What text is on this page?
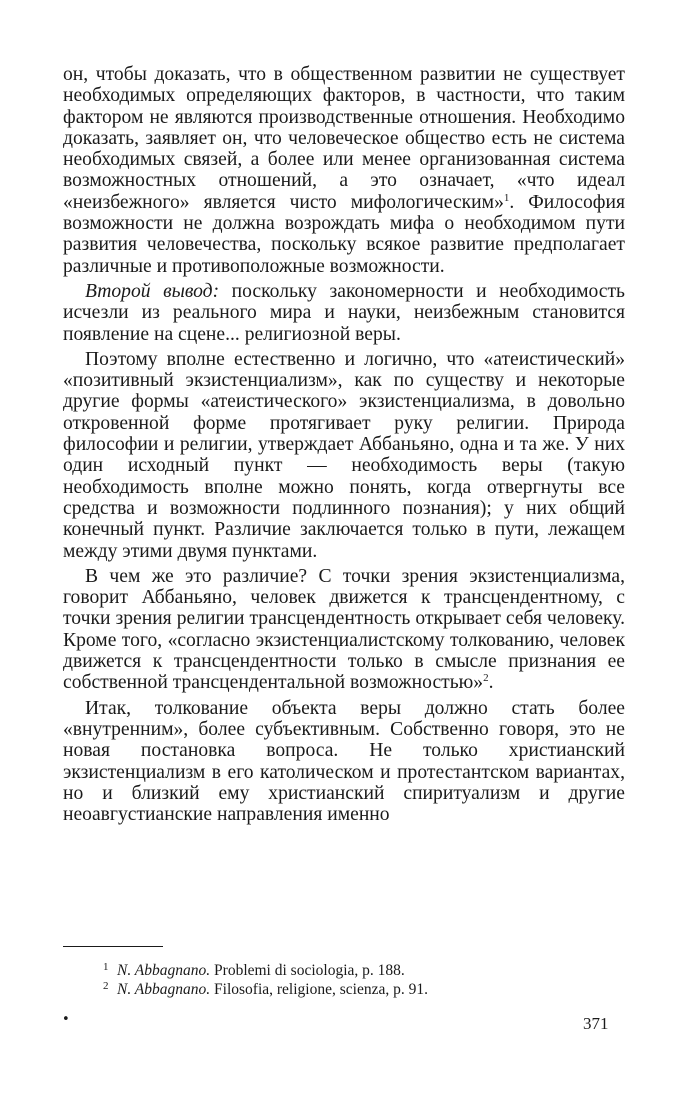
он, чтобы доказать, что в общественном развитии не существует необходимых определяющих факторов, в частности, что таким фактором не являются производственные отношения. Необходимо доказать, заявляет он, что человеческое общество есть не система необходимых связей, а более или менее организованная система возможностных отношений, а это означает, «что идеал «неизбежного» является чисто мифологическим»$^1$. Философия возможности не должна возрождать мифа о необходимом пути развития человечества, поскольку всякое развитие предполагает различные и противоположные возможности.

Второй вывод: поскольку закономерности и необходимость исчезли из реального мира и науки, неизбежным становится появление на сцене... религиозной веры.

Поэтому вполне естественно и логично, что «атеистический» «позитивный экзистенциализм», как по существу и некоторые другие формы «атеистического» экзистенциализма, в довольно откровенной форме протягивает руку религии. Природа философии и религии, утверждает Аббаньяно, одна и та же. У них один исходный пункт — необходимость веры (такую необходимость вполне можно понять, когда отвергнуты все средства и возможности подлинного познания); у них общий конечный пункт. Различие заключается только в пути, лежащем между этими двумя пунктами.

В чем же это различие? С точки зрения экзистенциализма, говорит Аббаньяно, человек движется к трансцендентному, с точки зрения религии трансцендентность открывает себя человеку. Кроме того, «согласно экзистенциалистскому толкованию, человек движется к трансцендентности только в смысле признания ее собственной трансцендентальной возможностью»$^2$.

Итак, толкование объекта веры должно стать более «внутренним», более субъективным. Собственно говоря, это не новая постановка вопроса. Не только христианский экзистенциализм в его католическом и протестантском вариантах, но и близкий ему христианский спиритуализм и другие неоавгустианские направления именно

1 N. Abbagnano. Problemi di sociologia, p. 188.
2 N. Abbagnano. Filosofia, religione, scienza, p. 91.
•	371
